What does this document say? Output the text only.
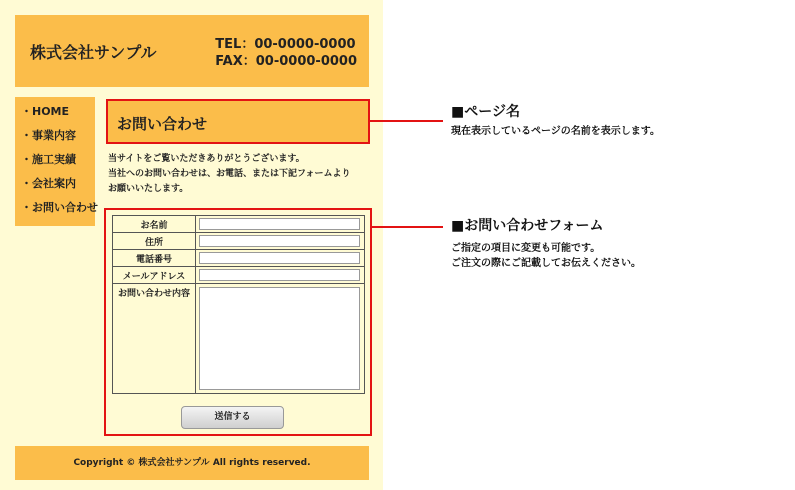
株式会社サンプル	TEL：00-0000-0000
FAX：00-0000-0000
・HOME
・事業内容
・施工実績
・会社案内
・お問い合わせ
お問い合わせ
当サイトをご覧いただきありがとうございます。
当社へのお問い合わせは、お電話、または下記フォームより
お願いいたします。
お名前	

住所	

電話番号	

メールアドレス	

お問い合わせ内容	
送信する
Copyright © 株式会社サンプル All rights reserved.
■ページ名
現在表示しているページの名前を表示します。
■お問い合わせフォーム
ご指定の項目に変更も可能です。
ご注文の際にご記載してお伝えください。
